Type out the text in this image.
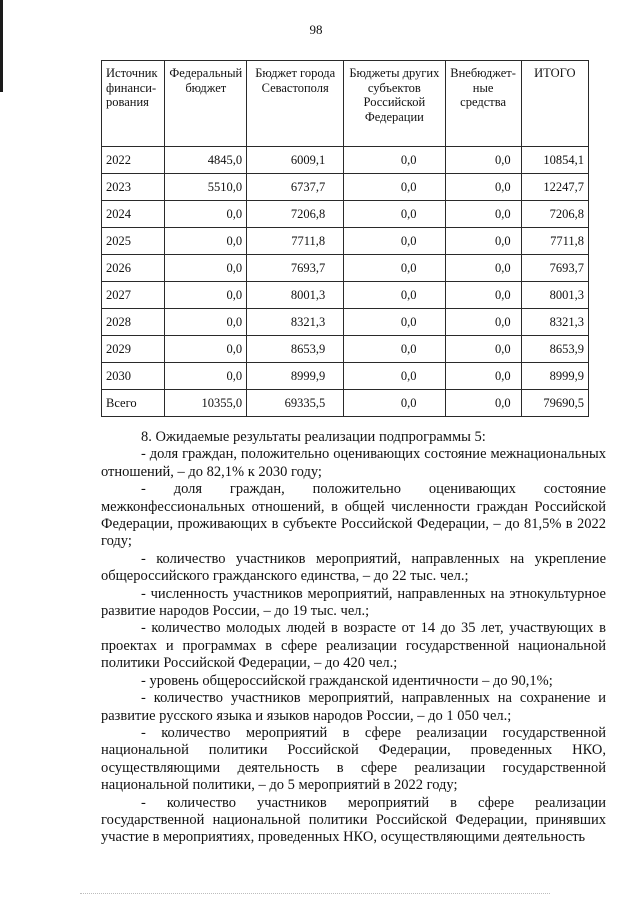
98
Источник финанси-рования	Федеральный бюджет	Бюджет города Севастополя	Бюджеты других субъектов Российской Федерации	Внебюджет-ные средства	ИТОГО
2022	4845,0	6009,1	0,0	0,0	10854,1
2023	5510,0	6737,7	0,0	0,0	12247,7
2024	0,0	7206,8	0,0	0,0	7206,8
2025	0,0	7711,8	0,0	0,0	7711,8
2026	0,0	7693,7	0,0	0,0	7693,7
2027	0,0	8001,3	0,0	0,0	8001,3
2028	0,0	8321,3	0,0	0,0	8321,3
2029	0,0	8653,9	0,0	0,0	8653,9
2030	0,0	8999,9	0,0	0,0	8999,9
Всего	10355,0	69335,5	0,0	0,0	79690,5

8. Ожидаемые результаты реализации подпрограммы 5:

- доля граждан, положительно оценивающих состояние межнациональных отношений, – до 82,1% к 2030 году;

- доля граждан, положительно оценивающих состояние межконфессиональных отношений, в общей численности граждан Российской Федерации, проживающих в субъекте Российской Федерации, – до 81,5% в 2022 году;

- количество участников мероприятий, направленных на укрепление общероссийского гражданского единства, – до 22 тыс. чел.;

- численность участников мероприятий, направленных на этнокультурное развитие народов России, – до 19 тыс. чел.;

- количество молодых людей в возрасте от 14 до 35 лет, участвующих в проектах и программах в сфере реализации государственной национальной политики Российской Федерации, – до 420 чел.;

- уровень общероссийской гражданской идентичности – до 90,1%;

- количество участников мероприятий, направленных на сохранение и развитие русского языка и языков народов России, – до 1 050 чел.;

- количество мероприятий в сфере реализации государственной национальной политики Российской Федерации, проведенных НКО, осуществляющими деятельность в сфере реализации государственной национальной политики, – до 5 мероприятий в 2022 году;

- количество участников мероприятий в сфере реализации государственной национальной политики Российской Федерации, принявших участие в мероприятиях, проведенных НКО, осуществляющими деятельность
